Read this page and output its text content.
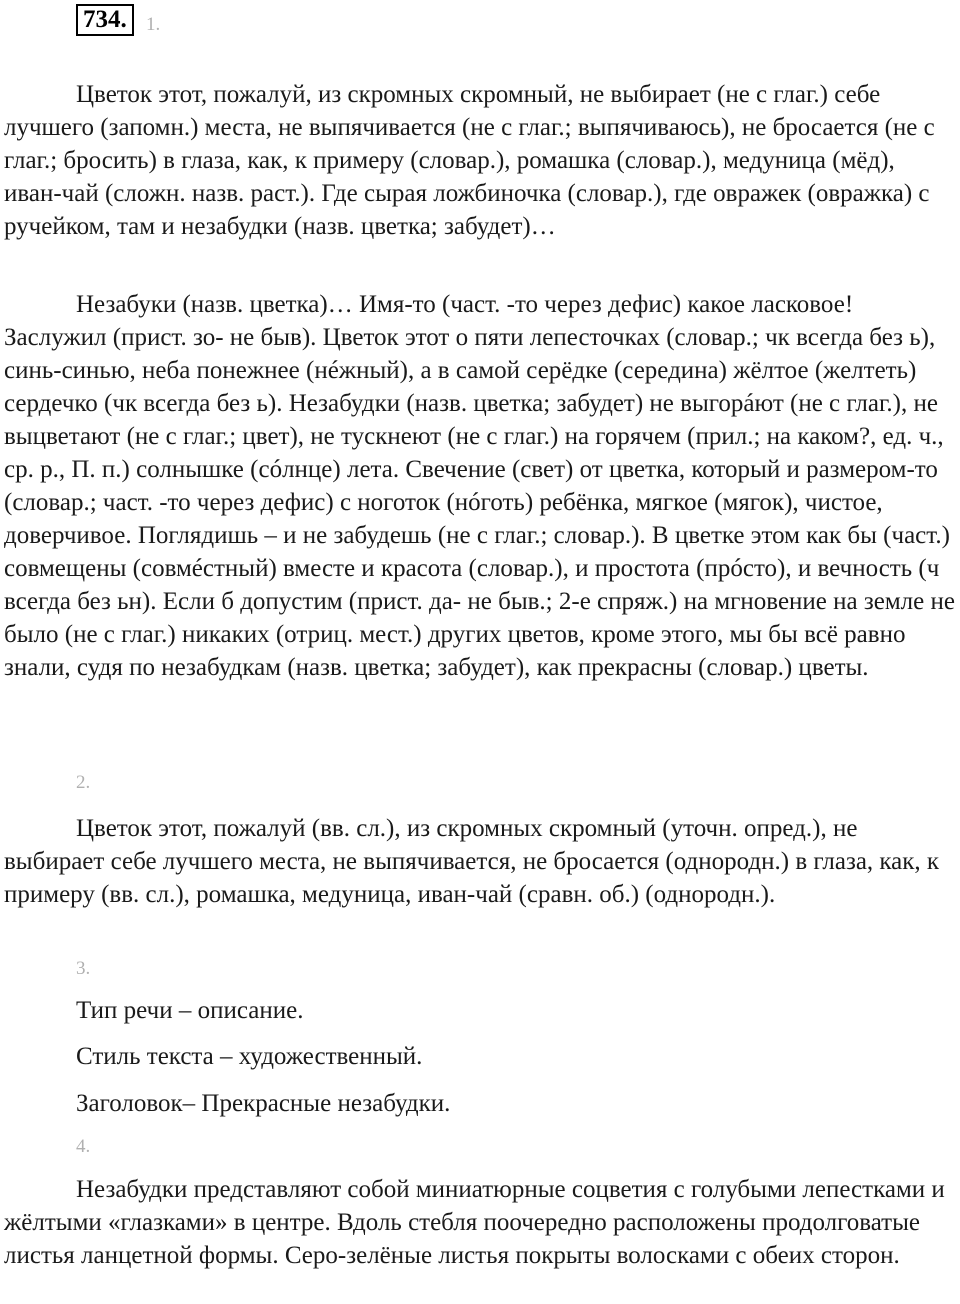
734. 1.

Цветок этот, пожалуй, из скромных скромный, не выбирает (не с глаг.) себе лучшего (запомн.) места, не выпячивается (не с глаг.; выпячиваюсь), не бросается (не с глаг.; бросить) в глаза, как, к примеру (словар.), ромашка (словар.), медуница (мёд), иван-чай (сложн. назв. раст.). Где сырая ложбиночка (словар.), где овражек (овражка) с ручейком, там и незабудки (назв. цветка; забудет)…

Незабуки (назв. цветка)… Имя-то (част. -то через дефис) какое ласковое! Заслужил (прист. зо- не быв). Цветок этот о пяти лепесточках (словар.; чк всегда без ь), синь-синью, неба понежнее (нéжный), а в самой серёдке (середина) жёлтое (желтеть) сердечко (чк всегда без ь). Незабудки (назв. цветка; забудет) не выгорáют (не с глаг.), не выцветают (не с глаг.; цвет), не тускнеют (не с глаг.) на горячем (прил.; на каком?, ед. ч., ср. р., П. п.) солнышке (сóлнце) лета. Свечение (свет) от цветка, который и размером-то (словар.; част. -то через дефис) с ноготок (нóготь) ребёнка, мягкое (мягок), чистое, доверчивое. Поглядишь – и не забудешь (не с глаг.; словар.). В цветке этом как бы (част.) совмещены (совмéстный) вместе и красота (словар.), и простота (прóсто), и вечность (ч всегда без ьн). Если б допустим (прист. да- не быв.; 2-е спряж.) на мгновение на земле не было (не с глаг.) никаких (отриц. мест.) других цветов, кроме этого, мы бы всё равно знали, судя по незабудкам (назв. цветка; забудет), как прекрасны (словар.) цветы.

2.

Цветок этот, пожалуй (вв. сл.), из скромных скромный (уточн. опред.), не выбирает себе лучшего места, не выпячивается, не бросается (однородн.) в глаза, как, к примеру (вв. сл.), ромашка, медуница, иван-чай (сравн. об.) (однородн.).

3.

Тип речи – описание.

Стиль текста – художественный.

Заголовок– Прекрасные незабудки.

4.

Незабудки представляют собой миниатюрные соцветия с голубыми лепестками и жёлтыми «глазками» в центре. Вдоль стебля поочередно расположены продолговатые листья ланцетной формы. Серо-зелёные листья покрыты волосками с обеих сторон.
